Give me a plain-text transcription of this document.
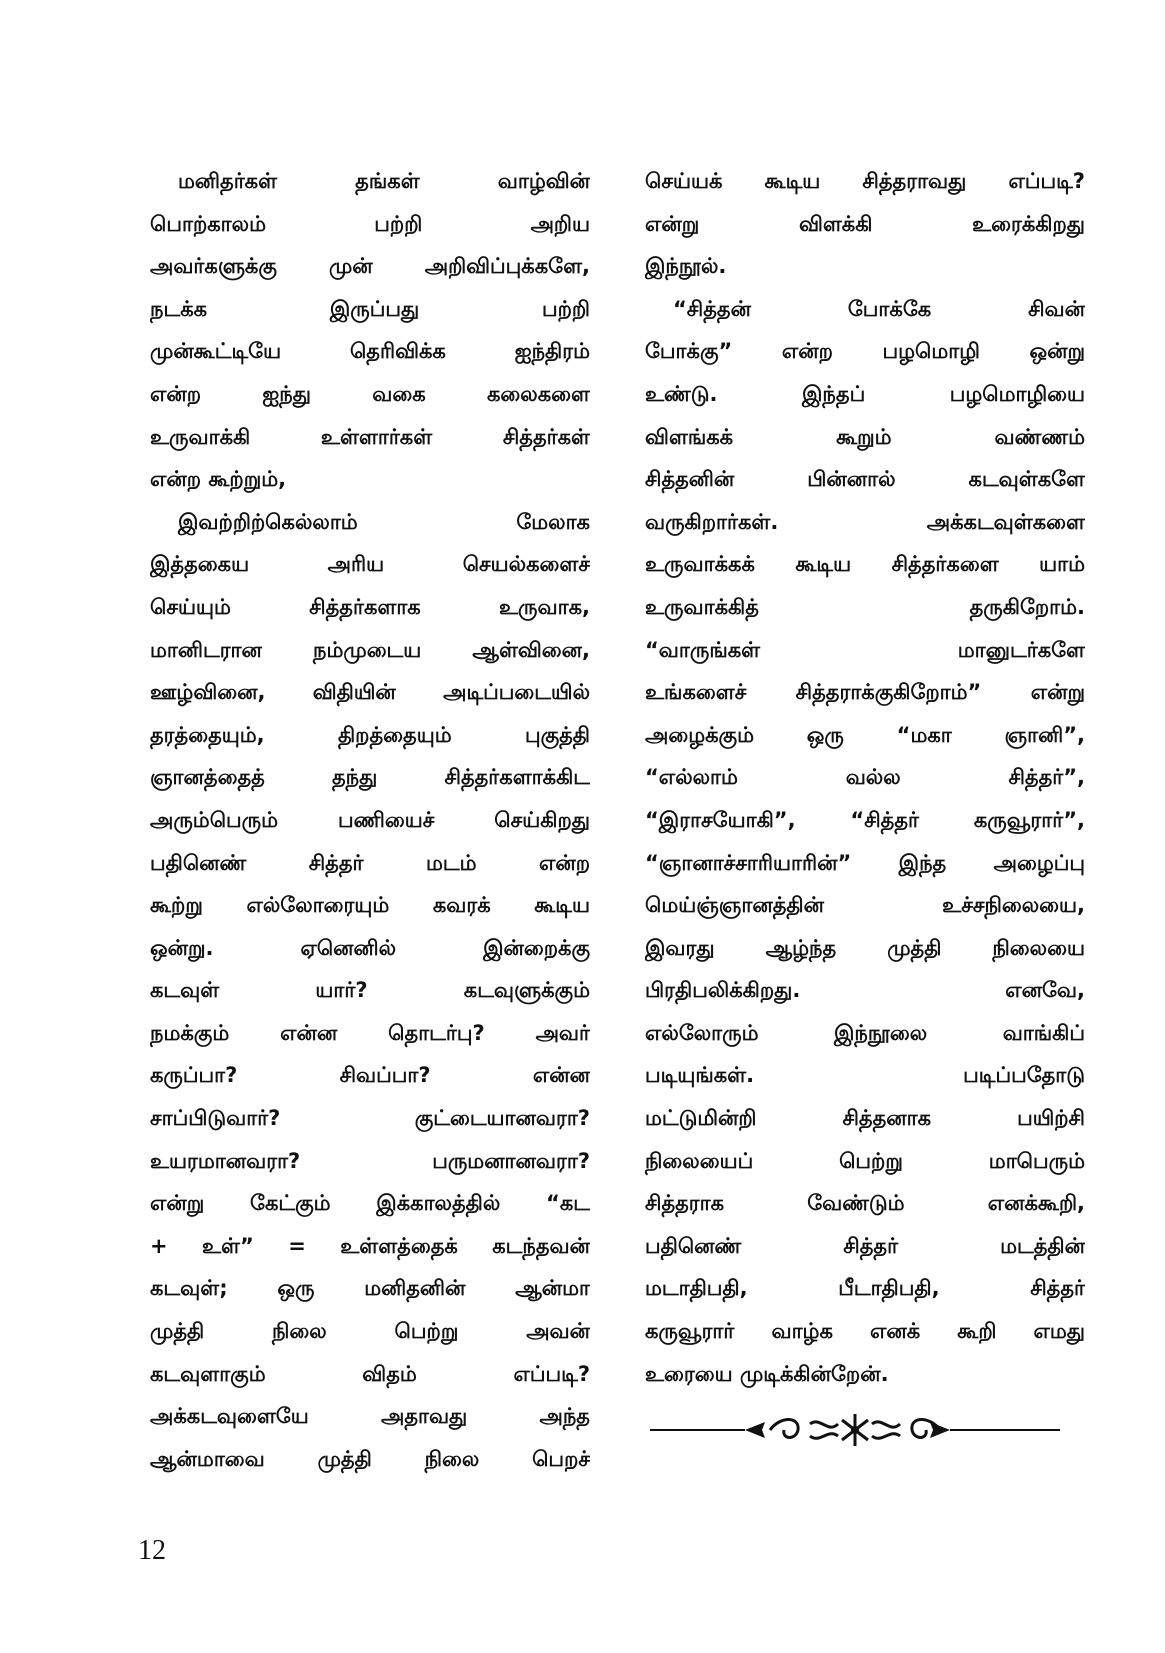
மனிதர்கள் தங்கள் வாழ்வின்
பொற்காலம் பற்றி அறிய
அவர்களுக்கு முன் அறிவிப்புக்களே,
நடக்க இருப்பது பற்றி
முன்கூட்டியே தெரிவிக்க ஐந்திரம்
என்ற ஐந்து வகை கலைகளை
உருவாக்கி உள்ளார்கள் சித்தர்கள்
என்ற கூற்றும்,
இவற்றிற்கெல்லாம் மேலாக
இத்தகைய அரிய செயல்களைச்
செய்யும் சித்தர்களாக உருவாக,
மானிடரான நம்முடைய ஆள்வினை,
ஊழ்வினை, விதியின் அடிப்படையில்
தரத்தையும், திறத்தையும் புகுத்தி
ஞானத்தைத் தந்து சித்தர்களாக்கிட
அரும்பெரும் பணியைச் செய்கிறது
பதினெண் சித்தர் மடம் என்ற
கூற்று எல்லோரையும் கவரக் கூடிய
ஒன்று. ஏனெனில் இன்றைக்கு
கடவுள் யார்? கடவுளுக்கும்
நமக்கும் என்ன தொடர்பு? அவர்
கருப்பா? சிவப்பா? என்ன
சாப்பிடுவார்? குட்டையானவரா?
உயரமானவரா? பருமனானவரா?
என்று கேட்கும் இக்காலத்தில் “கட
+ உள்” = உள்ளத்தைக் கடந்தவன்
கடவுள்; ஒரு மனிதனின் ஆன்மா
முத்தி நிலை பெற்று அவன்
கடவுளாகும் விதம் எப்படி?
அக்கடவுளையே அதாவது அந்த
ஆன்மாவை முத்தி நிலை பெறச்
செய்யக் கூடிய சித்தராவது எப்படி?
என்று விளக்கி உரைக்கிறது
இந்நூல்.
“சித்தன் போக்கே சிவன்
போக்கு” என்ற பழமொழி ஒன்று
உண்டு. இந்தப் பழமொழியை
விளங்கக் கூறும் வண்ணம்
சித்தனின் பின்னால் கடவுள்களே
வருகிறார்கள். அக்கடவுள்களை
உருவாக்கக் கூடிய சித்தர்களை யாம்
உருவாக்கித் தருகிறோம்.
“வாருங்கள் மானுடர்களே
உங்களைச் சித்தராக்குகிறோம்” என்று
அழைக்கும் ஒரு “மகா ஞானி”,
“எல்லாம் வல்ல சித்தர்”,
“இராசயோகி”, “சித்தர் கருவூரார்”,
“ஞானாச்சாரியாரின்” இந்த அழைப்பு
மெய்ஞ்ஞானத்தின் உச்சநிலையை,
இவரது ஆழ்ந்த முத்தி நிலையை
பிரதிபலிக்கிறது. எனவே,
எல்லோரும் இந்நூலை வாங்கிப்
படியுங்கள். படிப்பதோடு
மட்டுமின்றி சித்தனாக பயிற்சி
நிலையைப் பெற்று மாபெரும்
சித்தராக வேண்டும் எனக்கூறி,
பதினெண் சித்தர் மடத்தின்
மடாதிபதி, பீடாதிபதி, சித்தர்
கருவூரார் வாழ்க எனக் கூறி எமது
உரையை முடிக்கின்றேன்.
12
